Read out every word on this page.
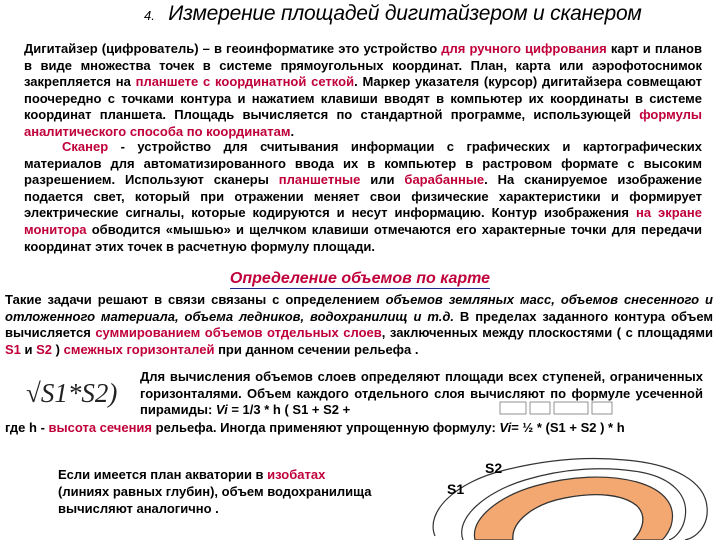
4. Измерение площадей дигитайзером и сканером
Дигитайзер (цифрователь) – в геоинформатике это устройство для ручного цифрования карт и планов в виде множества точек в системе прямоугольных координат. План, карта или аэрофотоснимок закрепляется на планшете с координатной сеткой. Маркер указателя (курсор) дигитайзера совмещают поочередно с точками контура и нажатием клавиши вводят в компьютер их координаты в системе координат планшета. Площадь вычисляется по стандартной программе, использующей формулы аналитического способа по координатам.
Сканер - устройство для считывания информации с графических и картографических материалов для автоматизированного ввода их в компьютер в растровом формате с высоким разрешением. Используют сканеры планшетные или барабанные. На сканируемое изображение подается свет, который при отражении меняет свои физические характеристики и формирует электрические сигналы, которые кодируются и несут информацию. Контур изображения на экране монитора обводится «мышью» и щелчком клавиши отмечаются его характерные точки для передачи координат этих точек в расчетную формулу площади.
Определение объемов по карте
Такие задачи решают в связи связаны с определением объемов земляных масс, объемов снесенного и отложенного материала, объема ледников, водохранилищ и т.д. В пределах заданного контура объем вычисляется суммированием объемов отдельных слоев, заключенных между плоскостями ( с площадями S1 и S2 ) смежных горизонталей при данном сечении рельефа .
√S1*S2)
Для вычисления объемов слоев определяют площади всех ступеней, ограниченных горизонталями. Объем каждого отдельного слоя вычисляют по формуле усеченной пирамиды: Vi = 1/3 * h ( S1 + S2 +
где h - высота сечения рельефа. Иногда применяют упрощенную формулу: Vi= ½ * (S1 + S2 ) * h
Если имеется план акватории в изобатах (линиях равных глубин), объем водохранилища вычисляют аналогично .
S1
S2
